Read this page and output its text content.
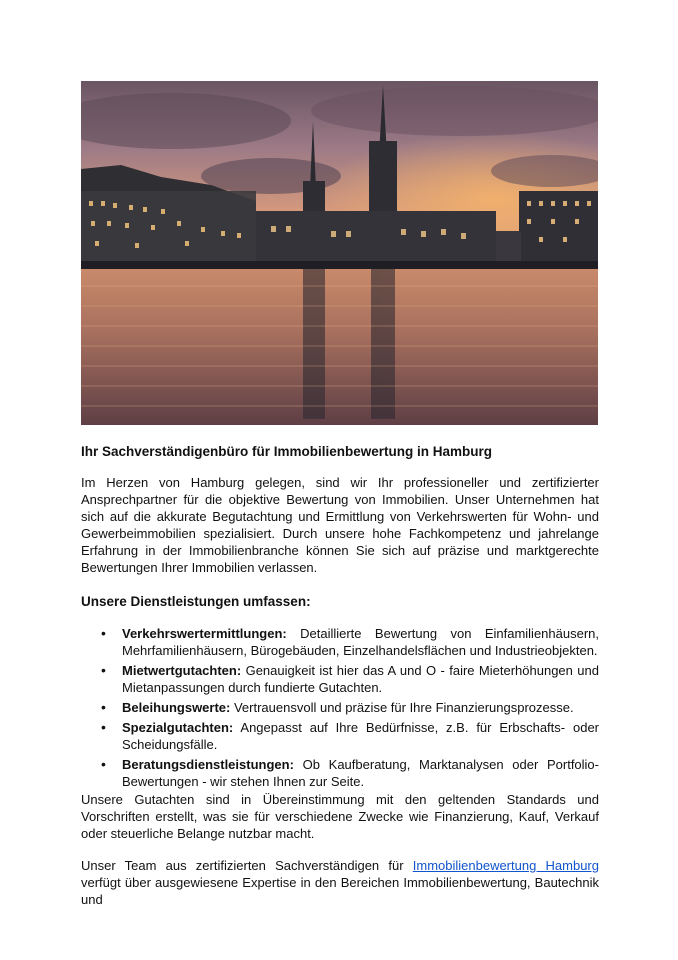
Ihr Sachverständigenbüro für Immobilienbewertung in Hamburg
Im Herzen von Hamburg gelegen, sind wir Ihr professioneller und zertifizierter Ansprechpartner für die objektive Bewertung von Immobilien. Unser Unternehmen hat sich auf die akkurate Begutachtung und Ermittlung von Verkehrswerten für Wohn- und Gewerbeimmobilien spezialisiert. Durch unsere hohe Fachkompetenz und jahrelange Erfahrung in der Immobilienbranche können Sie sich auf präzise und marktgerechte Bewertungen Ihrer Immobilien verlassen.
Unsere Dienstleistungen umfassen:
• Verkehrswertermittlungen: Detaillierte Bewertung von Einfamilienhäusern, Mehrfamilienhäusern, Bürogebäuden, Einzelhandelsflächen und Industrieobjekten.
• Mietwertgutachten: Genauigkeit ist hier das A und O - faire Mieterhöhungen und Mietanpassungen durch fundierte Gutachten.
• Beleihungswerte: Vertrauensvoll und präzise für Ihre Finanzierungsprozesse.
• Spezialgutachten: Angepasst auf Ihre Bedürfnisse, z.B. für Erbschafts- oder Scheidungsfälle.
• Beratungsdienstleistungen: Ob Kaufberatung, Marktanalysen oder Portfolio-Bewertungen - wir stehen Ihnen zur Seite.
Unsere Gutachten sind in Übereinstimmung mit den geltenden Standards und Vorschriften erstellt, was sie für verschiedene Zwecke wie Finanzierung, Kauf, Verkauf oder steuerliche Belange nutzbar macht.
Unser Team aus zertifizierten Sachverständigen für Immobilienbewertung Hamburg verfügt über ausgewiesene Expertise in den Bereichen Immobilienbewertung, Bautechnik und
